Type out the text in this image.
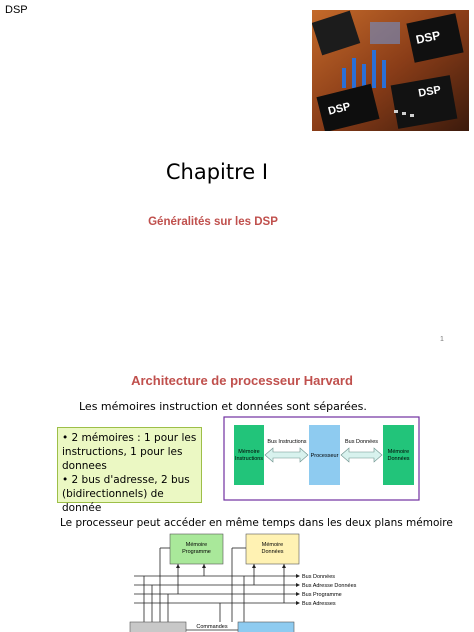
DSP
DSP
DSP
DSP
Chapitre I
Généralités sur les DSP
1
Architecture de processeur Harvard
Les mémoires instruction et données sont séparées.
• 2 mémoires : 1 pour les
instructions, 1 pour les
donnees
• 2 bus d'adresse, 2 bus
(bidirectionnels) de donnée
Mémoire
Instructions	Processeur
Mémoire
Données
Bus Instructions	Bus Données
Le processeur peut accéder en même temps dans les deux plans mémoire
Mémoire
Programme
Mémoire
Données
Bus Données
Bus Adresse Données
Bus Programme
Bus Adresses
Commandes
